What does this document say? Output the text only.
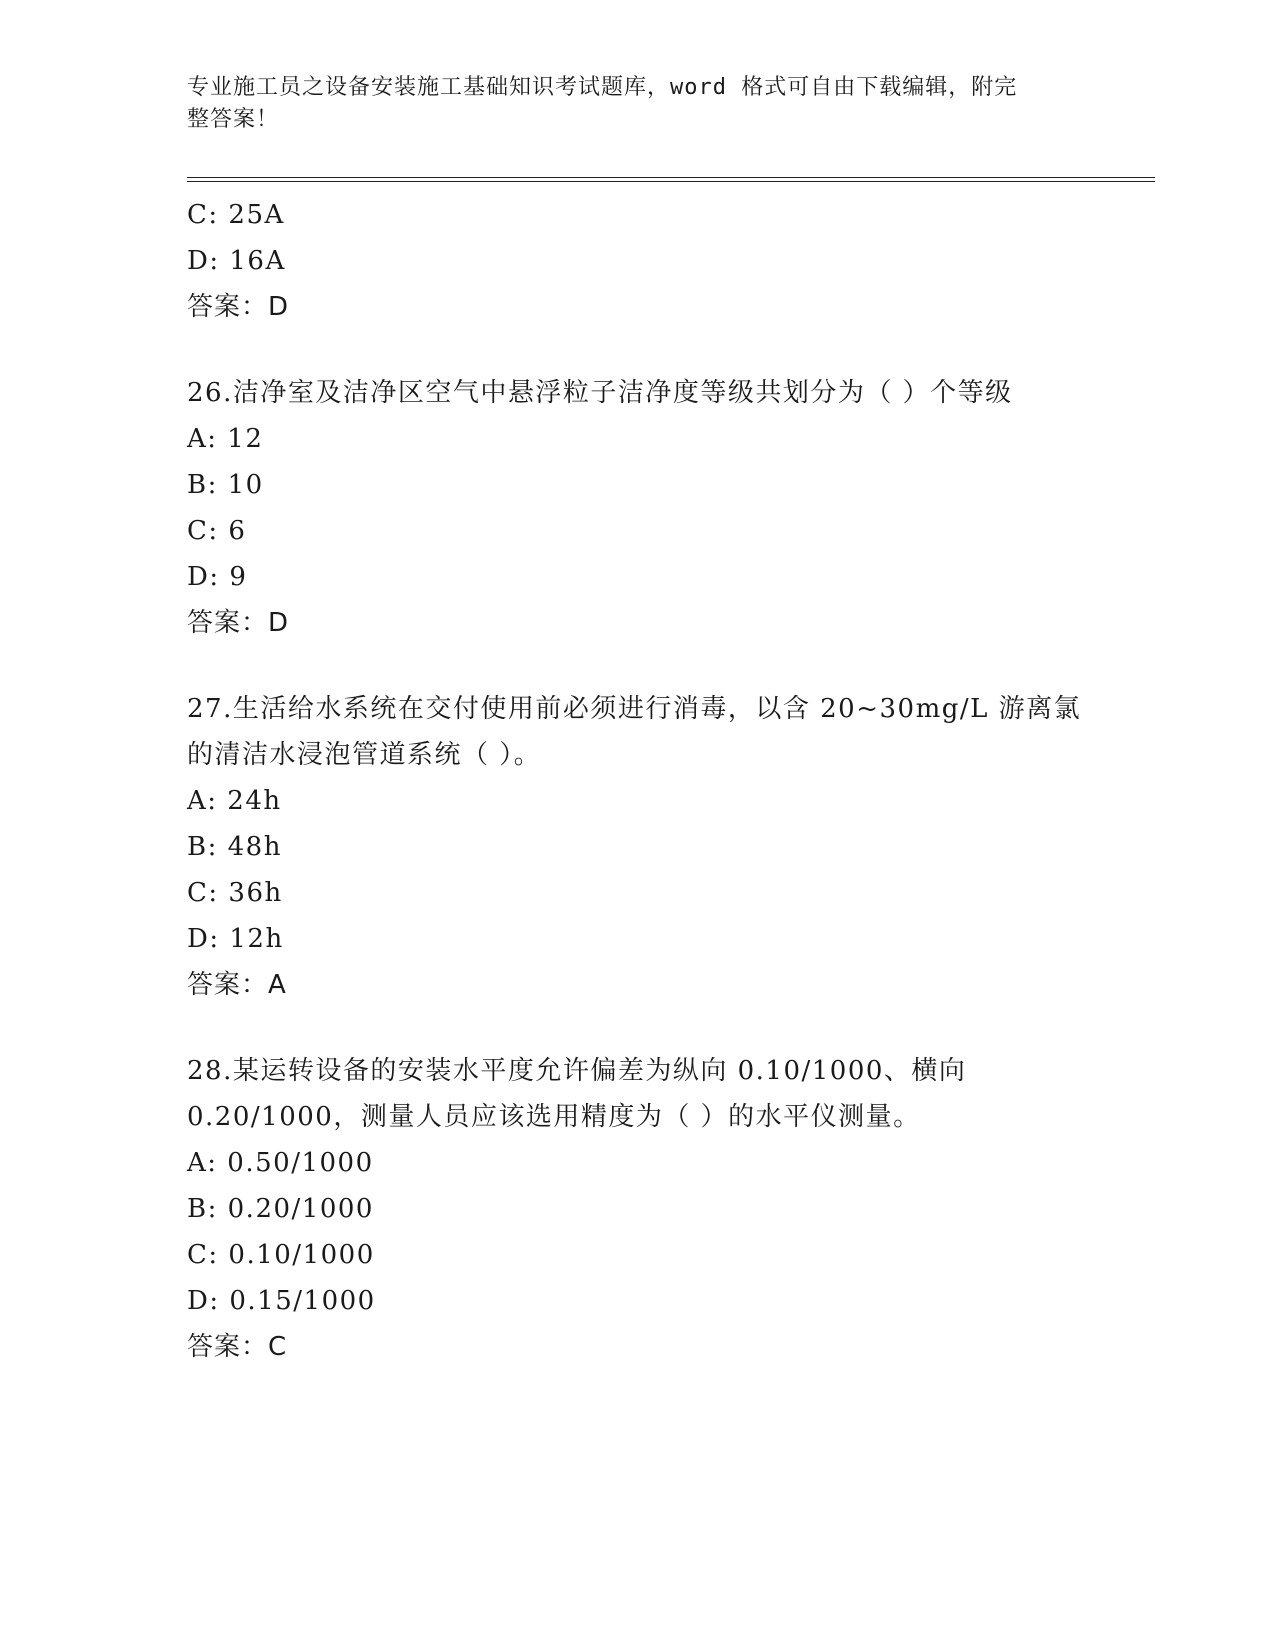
专业施工员之设备安装施工基础知识考试题库，word 格式可自由下载编辑，附完
整答案！
C: 25A
D: 16A
答案：D
26.洁净室及洁净区空气中悬浮粒子洁净度等级共划分为（ ）个等级
A: 12
B: 10
C: 6
D: 9
答案：D
27.生活给水系统在交付使用前必须进行消毒，以含 20~30mg/L 游离氯
的清洁水浸泡管道系统（ ）。
A: 24h
B: 48h
C: 36h
D: 12h
答案：A
28.某运转设备的安装水平度允许偏差为纵向 0.10/1000、横向
0.20/1000，测量人员应该选用精度为（ ）的水平仪测量。
A: 0.50/1000
B: 0.20/1000
C: 0.10/1000
D: 0.15/1000
答案：C
